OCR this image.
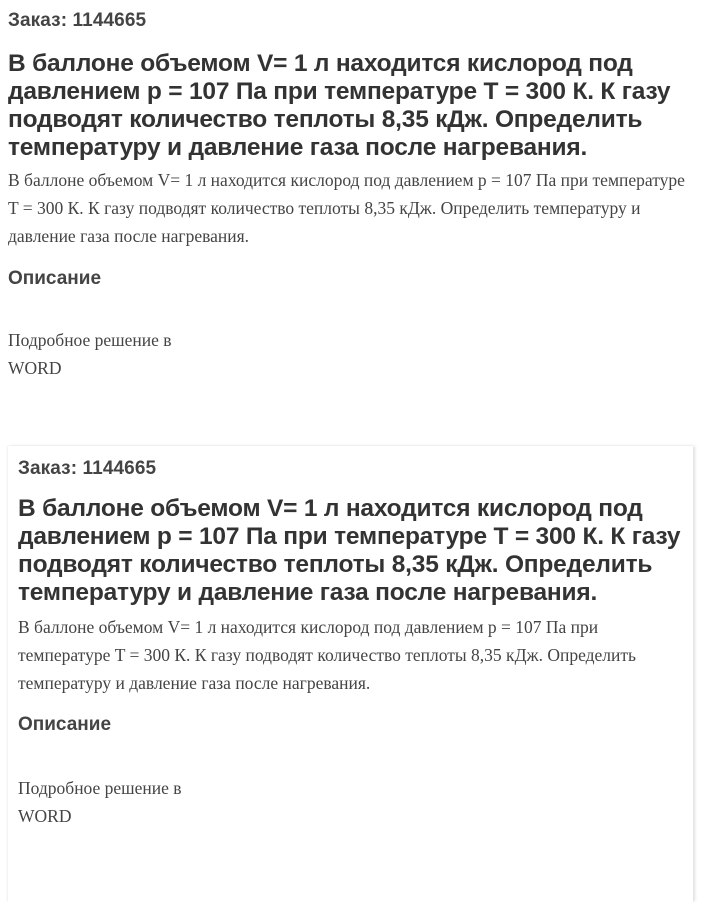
Заказ: 1144665
В баллоне объемом V= 1 л находится кислород под давлением p = 107 Па при температуре T = 300 К. К газу подводят количество теплоты 8,35 кДж. Определить температуру и давление газа после нагревания.

В баллоне объемом V= 1 л находится кислород под давлением p = 107 Па при температуре T = 300 К. К газу подводят количество теплоты 8,35 кДж. Определить температуру и давление газа после нагревания.

Описание

Подробное решение в WORD

Заказ: 1144665
В баллоне объемом V= 1 л находится кислород под давлением p = 107 Па при температуре T = 300 К. К газу подводят количество теплоты 8,35 кДж. Определить температуру и давление газа после нагревания.

В баллоне объемом V= 1 л находится кислород под давлением p = 107 Па при температуре T = 300 К. К газу подводят количество теплоты 8,35 кДж. Определить температуру и давление газа после нагревания.

Описание

Подробное решение в WORD
